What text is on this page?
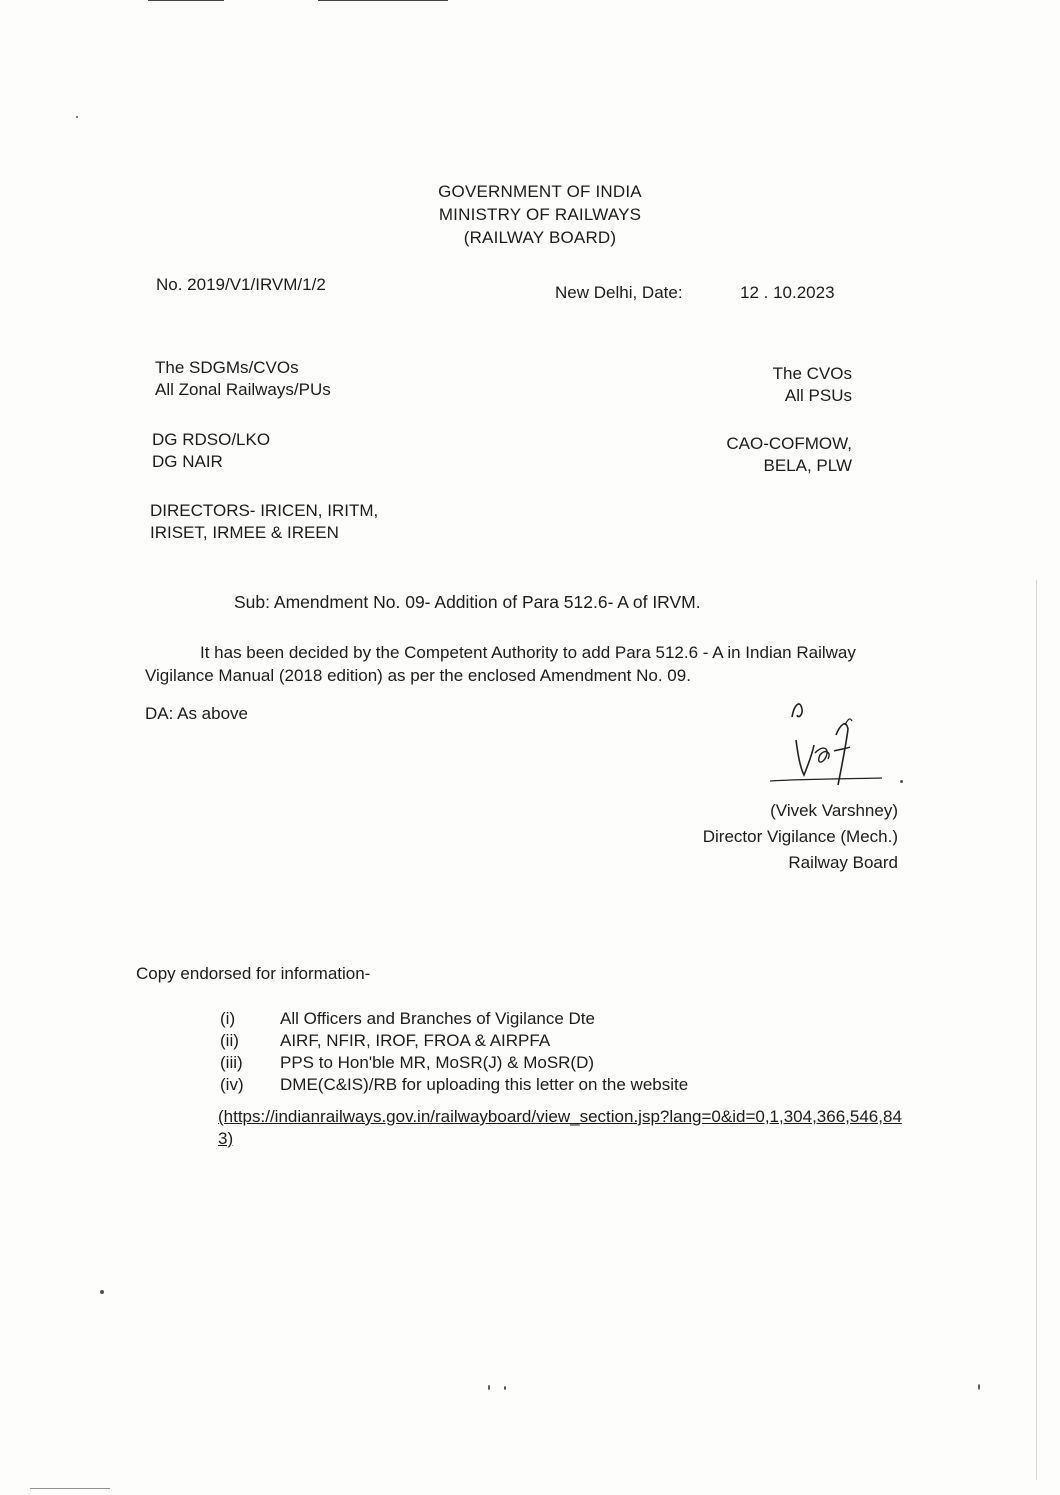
GOVERNMENT OF INDIA
MINISTRY OF RAILWAYS
(RAILWAY BOARD)
No. 2019/V1/IRVM/1/2	New Delhi, Date:	12 . 10.2023
The SDGMs/CVOs
All Zonal Railways/PUs
DG RDSO/LKO
DG NAIR
DIRECTORS- IRICEN, IRITM,
IRISET, IRMEE & IREEN
The CVOs
All PSUs
CAO-COFMOW,
BELA, PLW
Sub: Amendment No. 09- Addition of Para 512.6- A of IRVM.
It has been decided by the Competent Authority to add Para 512.6 - A in Indian Railway Vigilance Manual (2018 edition) as per the enclosed Amendment No. 09.
DA: As above
(Vivek Varshney)
Director Vigilance (Mech.)
Railway Board
Copy endorsed for information-
(i)	All Officers and Branches of Vigilance Dte
(ii)	AIRF, NFIR, IROF, FROA & AIRPFA
(iii)	PPS to Hon'ble MR, MoSR(J) & MoSR(D)
(iv)	DME(C&IS)/RB for uploading this letter on the website
(https://indianrailways.gov.in/railwayboard/view_section.jsp?lang=0&id=0,1,304,366,546,843)
